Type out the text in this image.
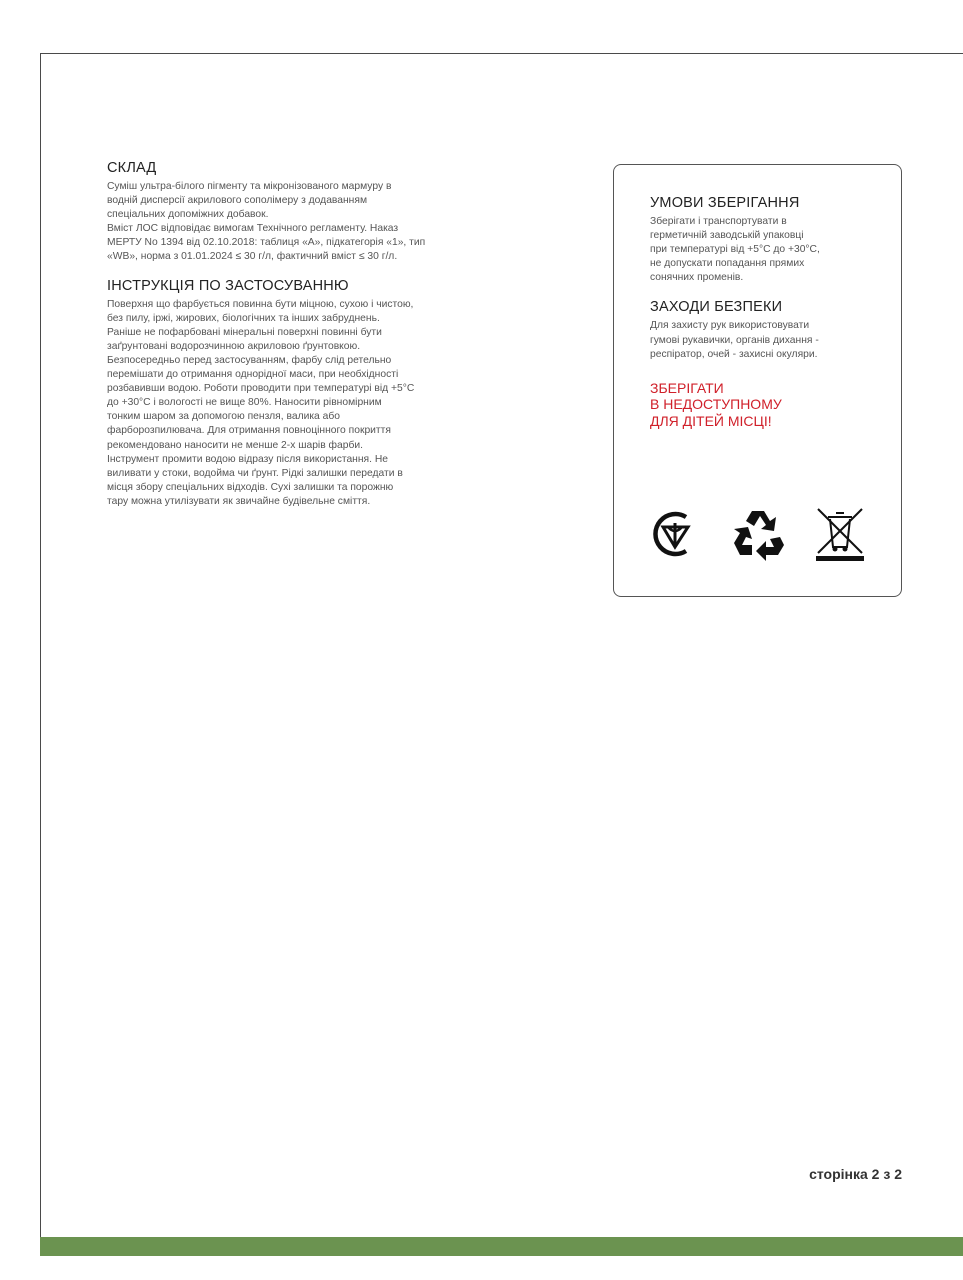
СКЛАД

Суміш ультра-білого пігменту та мікронізованого мармуру в
водній дисперсії акрилового сополімеру з додаванням
спеціальних допоміжних добавок.
Вміст ЛОС відповідає вимогам Технічного регламенту. Наказ
МЕРТУ No 1394 від 02.10.2018: таблиця «А», підкатегорія «1», тип
«WB», норма з 01.01.2024 ≤ 30 г/л, фактичний вміст ≤ 30 г/л.

ІНСТРУКЦІЯ ПО ЗАСТОСУВАННЮ

Поверхня що фарбується повинна бути міцною, сухою і чистою,
без пилу, іржі, жирових, біологічних та інших забруднень.
Раніше не пофарбовані мінеральні поверхні повинні бути
заґрунтовані водорозчинною акриловою ґрунтовкою.
Безпосередньо перед застосуванням, фарбу слід ретельно
перемішати до отримання однорідної маси, при необхідності
розбавивши водою. Роботи проводити при температурі від +5°C
до +30°C і вологості не вище 80%. Наносити рівномірним
тонким шаром за допомогою пензля, валика або
фарборозпилювача. Для отримання повноцінного покриття
рекомендовано наносити не менше 2-х шарів фарби.
Інструмент промити водою відразу після використання. Не
виливати у стоки, водойма чи ґрунт. Рідкі залишки передати в
місця збору спеціальних відходів. Сухі залишки та порожню
тару можна утилізувати як звичайне будівельне сміття.

УМОВИ ЗБЕРІГАННЯ

Зберігати і транспортувати в
герметичній заводській упаковці
при температурі від +5°C до +30°C,
не допускати попадання прямих
сонячних променів.

ЗАХОДИ БЕЗПЕКИ

Для захисту рук використовувати
гумові рукавички, органів дихання -
респіратор, очей - захисні окуляри.

ЗБЕРІГАТИ
В НЕДОСТУПНОМУ
ДЛЯ ДІТЕЙ МІСЦІ!
сторінка 2 з 2
